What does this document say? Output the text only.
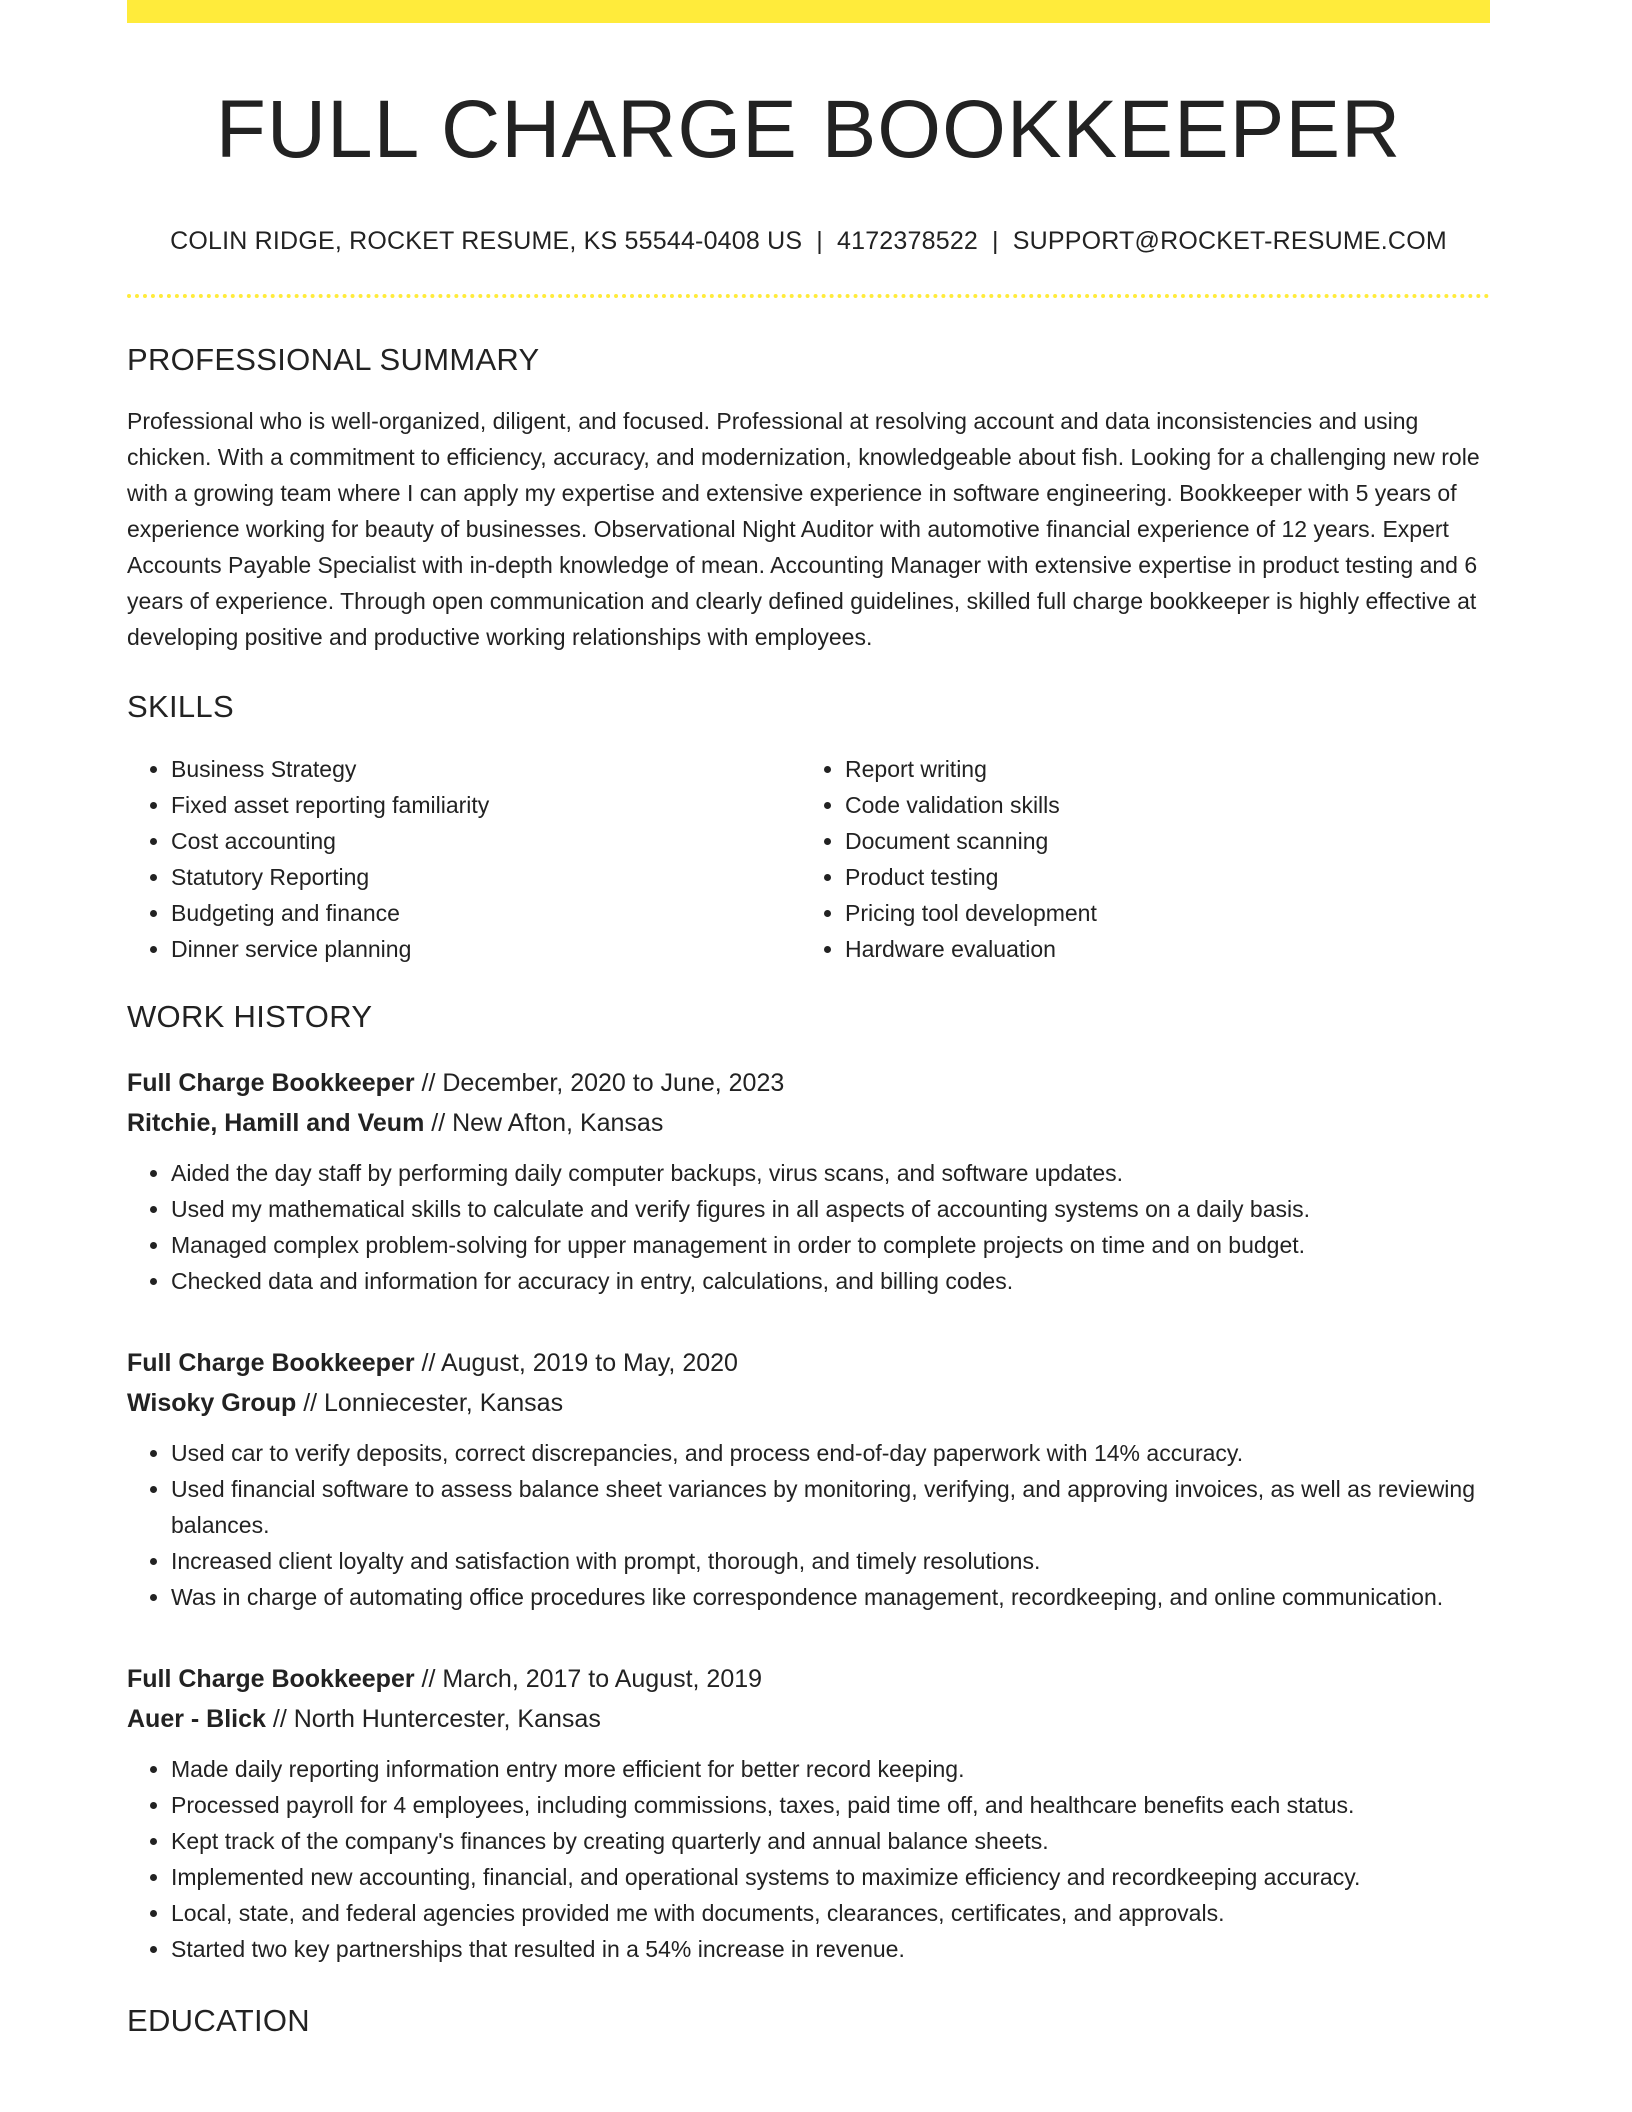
FULL CHARGE BOOKKEEPER
COLIN RIDGE, ROCKET RESUME, KS 55544-0408 US | 4172378522 | SUPPORT@ROCKET-RESUME.COM
PROFESSIONAL SUMMARY

Professional who is well-organized, diligent, and focused. Professional at resolving account and data inconsistencies and using chicken. With a commitment to efficiency, accuracy, and modernization, knowledgeable about fish. Looking for a challenging new role with a growing team where I can apply my expertise and extensive experience in software engineering. Bookkeeper with 5 years of experience working for beauty of businesses. Observational Night Auditor with automotive financial experience of 12 years. Expert Accounts Payable Specialist with in-depth knowledge of mean. Accounting Manager with extensive expertise in product testing and 6 years of experience. Through open communication and clearly defined guidelines, skilled full charge bookkeeper is highly effective at developing positive and productive working relationships with employees.

SKILLS
• Business Strategy
• Fixed asset reporting familiarity
• Cost accounting
• Statutory Reporting
• Budgeting and finance
• Dinner service planning
• Report writing
• Code validation skills
• Document scanning
• Product testing
• Pricing tool development
• Hardware evaluation
WORK HISTORY
Full Charge Bookkeeper // December, 2020 to June, 2023
Ritchie, Hamill and Veum // New Afton, Kansas
• Aided the day staff by performing daily computer backups, virus scans, and software updates.
• Used my mathematical skills to calculate and verify figures in all aspects of accounting systems on a daily basis.
• Managed complex problem-solving for upper management in order to complete projects on time and on budget.
• Checked data and information for accuracy in entry, calculations, and billing codes.
Full Charge Bookkeeper // August, 2019 to May, 2020
Wisoky Group // Lonniecester, Kansas
• Used car to verify deposits, correct discrepancies, and process end-of-day paperwork with 14% accuracy.
• Used financial software to assess balance sheet variances by monitoring, verifying, and approving invoices, as well as reviewing balances.
• Increased client loyalty and satisfaction with prompt, thorough, and timely resolutions.
• Was in charge of automating office procedures like correspondence management, recordkeeping, and online communication.
Full Charge Bookkeeper // March, 2017 to August, 2019
Auer - Blick // North Huntercester, Kansas
• Made daily reporting information entry more efficient for better record keeping.
• Processed payroll for 4 employees, including commissions, taxes, paid time off, and healthcare benefits each status.
• Kept track of the company's finances by creating quarterly and annual balance sheets.
• Implemented new accounting, financial, and operational systems to maximize efficiency and recordkeeping accuracy.
• Local, state, and federal agencies provided me with documents, clearances, certificates, and approvals.
• Started two key partnerships that resulted in a 54% increase in revenue.
EDUCATION
